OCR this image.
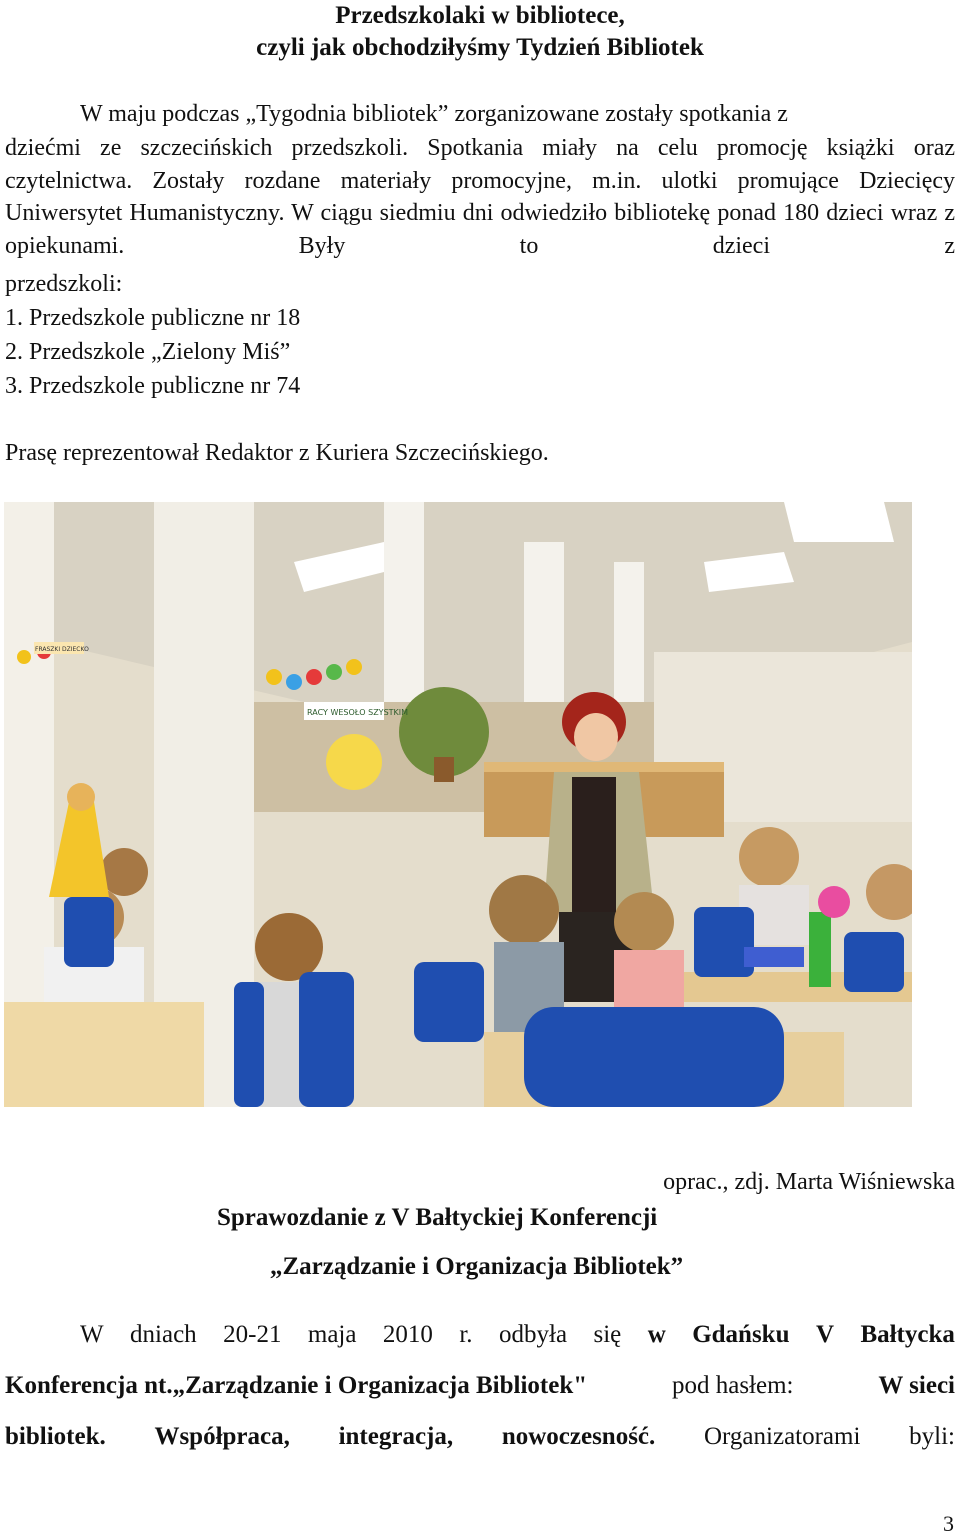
Przedszkolaki w bibliotece,
czyli jak obchodziłyśmy Tydzień Bibliotek
W maju podczas „Tygodnia bibliotek” zorganizowane zostały spotkania z

dziećmi ze szczecińskich przedszkoli. Spotkania miały na celu promocję książki oraz czytelnictwa. Zostały rozdane materiały promocyjne, m.in. ulotki promujące Dziecięcy Uniwersytet Humanistyczny. W ciągu siedmiu dni odwiedziło bibliotekę ponad 180 dzieci wraz z opiekunami. Były to dzieci z

przedszkoli:
1. Przedszkole publiczne nr 18
2. Przedszkole „Zielony Miś”
3. Przedszkole publiczne nr 74
Prasę reprezentował Redaktor z Kuriera Szczecińskiego.
RACY WESOŁO SZYSTKIM
FRASZKI DZIECKO
oprac., zdj. Marta Wiśniewska
Sprawozdanie z V Bałtyckiej Konferencji
„Zarządzanie i Organizacja Bibliotek”
W dniach 20-21 maja 2010 r. odbyła się w Gdańsku V Bałtycka
Konferencja nt.„Zarządzanie i Organizacja Bibliotek"	pod hasłem:	W sieci
bibliotek. Współpraca, integracja, nowoczesność. Organizatorami byli:
3
